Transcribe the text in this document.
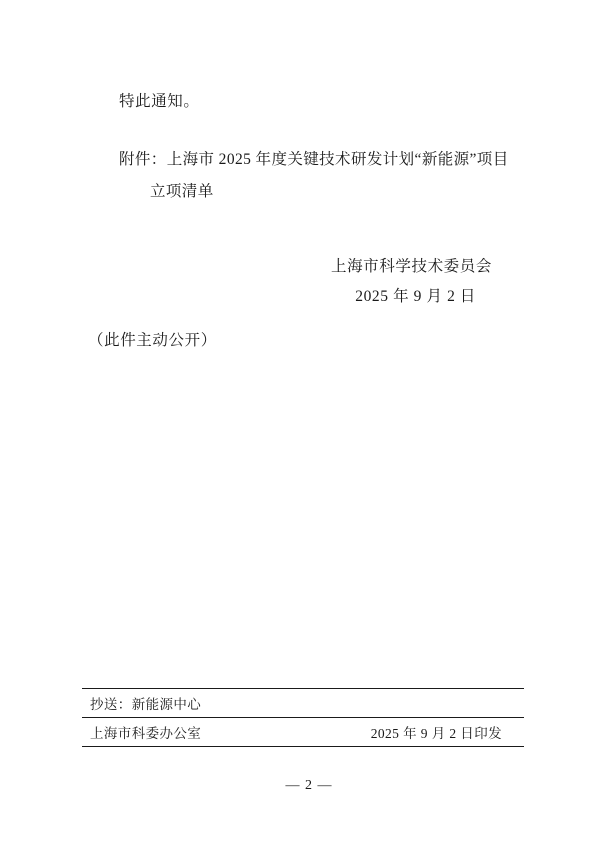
特此通知。
附件：上海市 2025 年度关键技术研发计划“新能源”项目
立项清单
上海市科学技术委员会
2025 年 9 月 2 日
（此件主动公开）
抄送：新能源中心
上海市科委办公室	2025 年 9 月 2 日印发
— 2 —
